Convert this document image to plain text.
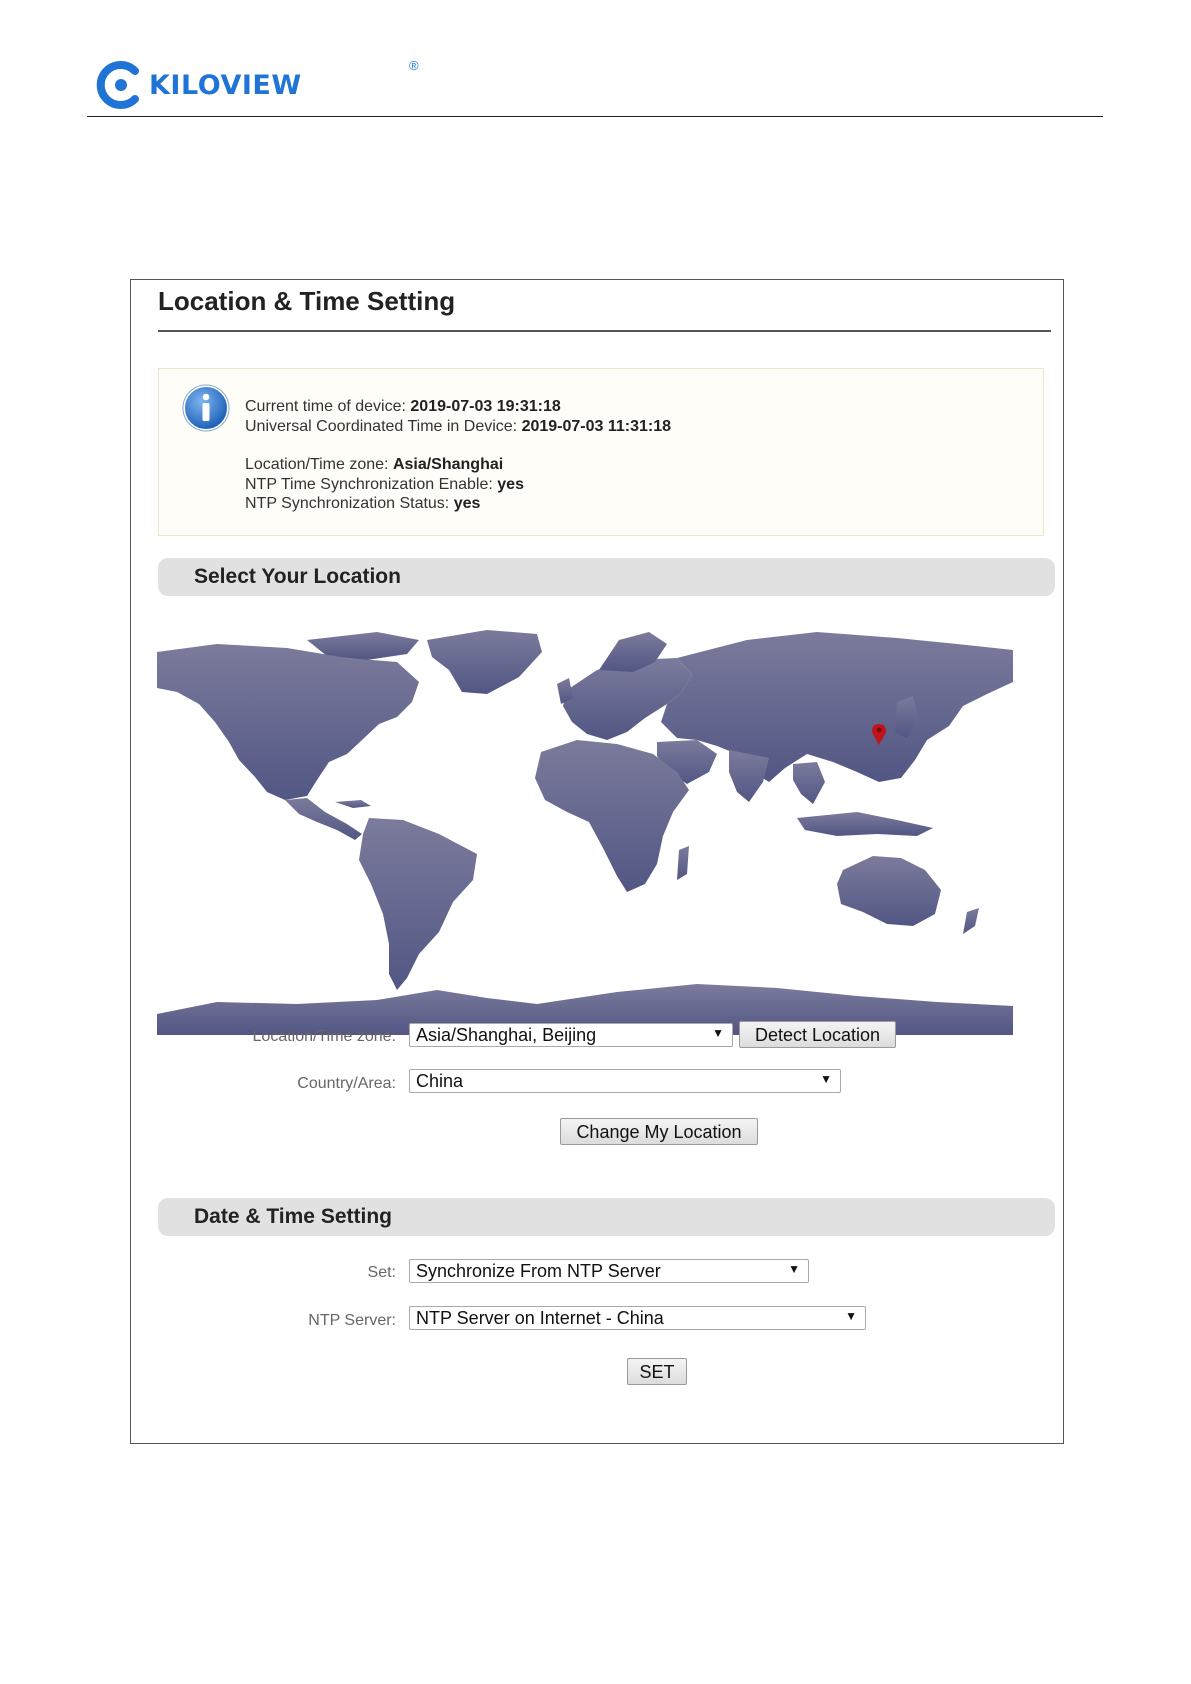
KILOVIEW
®
Location & Time Setting
Current time of device: 2019-07-03 19:31:18
Universal Coordinated Time in Device: 2019-07-03 11:31:18
Location/Time zone: Asia/Shanghai
NTP Time Synchronization Enable: yes
NTP Synchronization Status: yes
Select Your Location
Location/Time zone: Asia/Shanghai, Beijing	▼	Detect Location
Country/Area: China	▼
Change My Location
Date & Time Setting
Set: Synchronize From NTP Server	▼
NTP Server: NTP Server on Internet - China	▼
SET
